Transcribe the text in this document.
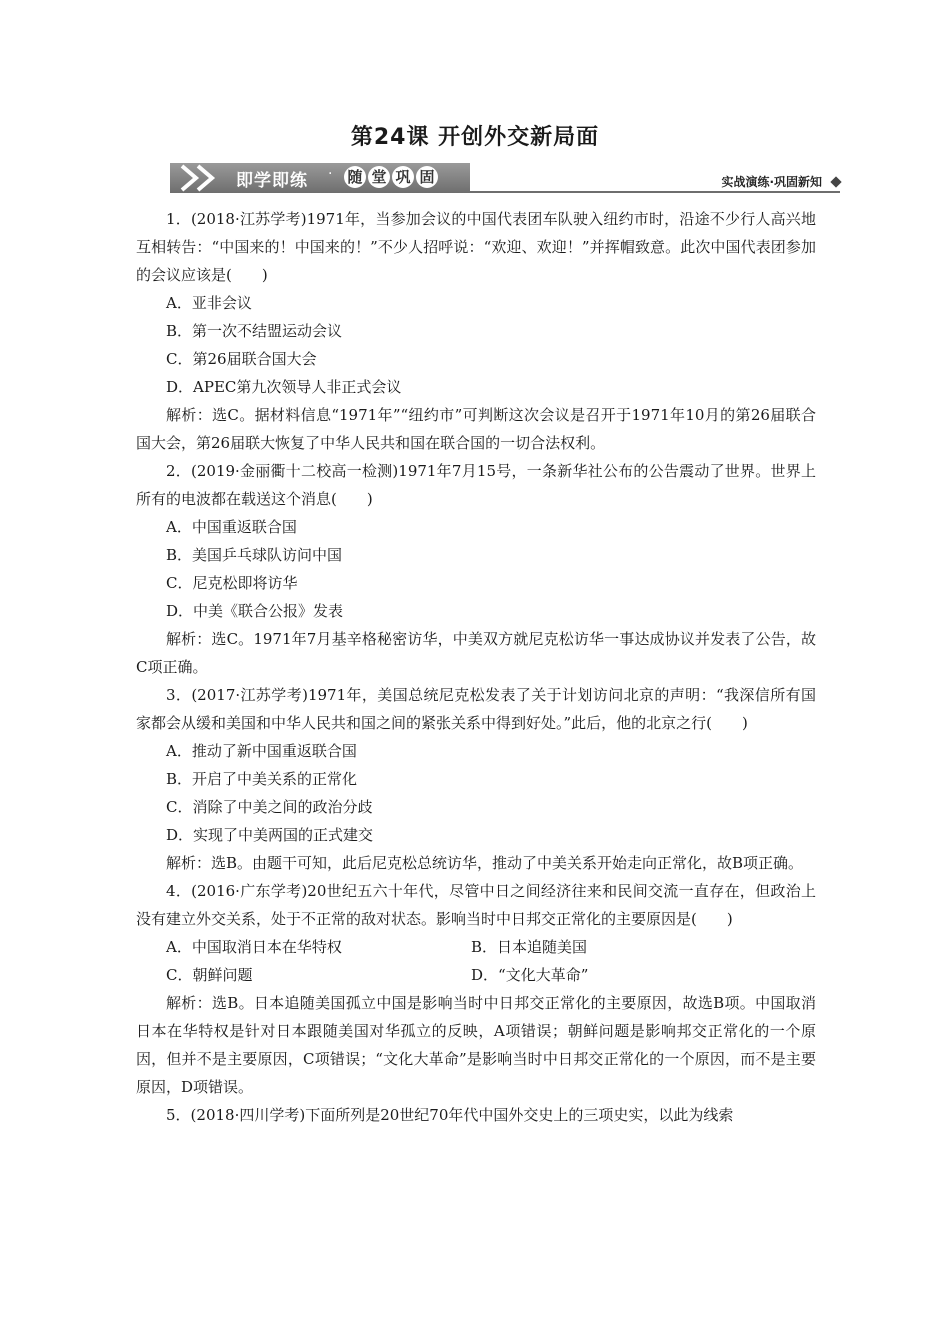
第24课 开创外交新局面
即学即练 · 随 堂 巩 固	实战演练·巩固新知

1．(2018·江苏学考)1971年，当参加会议的中国代表团车队驶入纽约市时，沿途不少行人高兴地互相转告：“中国来的！中国来的！”不少人招呼说：“欢迎、欢迎！”并挥帽致意。此次中国代表团参加的会议应该是(　　)

A．亚非会议

B．第一次不结盟运动会议

C．第26届联合国大会

D．APEC第九次领导人非正式会议

解析：选C。据材料信息“1971年”“纽约市”可判断这次会议是召开于1971年10月的第26届联合国大会，第26届联大恢复了中华人民共和国在联合国的一切合法权利。

2．(2019·金丽衢十二校高一检测)1971年7月15号，一条新华社公布的公告震动了世界。世界上所有的电波都在载送这个消息(　　)

A．中国重返联合国

B．美国乒乓球队访问中国

C．尼克松即将访华

D．中美《联合公报》发表

解析：选C。1971年7月基辛格秘密访华，中美双方就尼克松访华一事达成协议并发表了公告，故C项正确。

3．(2017·江苏学考)1971年，美国总统尼克松发表了关于计划访问北京的声明：“我深信所有国家都会从缓和美国和中华人民共和国之间的紧张关系中得到好处。”此后，他的北京之行(　　)

A．推动了新中国重返联合国

B．开启了中美关系的正常化

C．消除了中美之间的政治分歧

D．实现了中美两国的正式建交

解析：选B。由题干可知，此后尼克松总统访华，推动了中美关系开始走向正常化，故B项正确。

4．(2016·广东学考)20世纪五六十年代，尽管中日之间经济往来和民间交流一直存在，但政治上没有建立外交关系，处于不正常的敌对状态。影响当时中日邦交正常化的主要原因是(　　)

A．中国取消日本在华特权	B．日本追随美国
C．朝鲜问题	D．“文化大革命”

解析：选B。日本追随美国孤立中国是影响当时中日邦交正常化的主要原因，故选B项。中国取消日本在华特权是针对日本跟随美国对华孤立的反映，A项错误；朝鲜问题是影响邦交正常化的一个原因，但并不是主要原因，C项错误；“文化大革命”是影响当时中日邦交正常化的一个原因，而不是主要原因，D项错误。

5．(2018·四川学考)下面所列是20世纪70年代中国外交史上的三项史实，以此为线索
